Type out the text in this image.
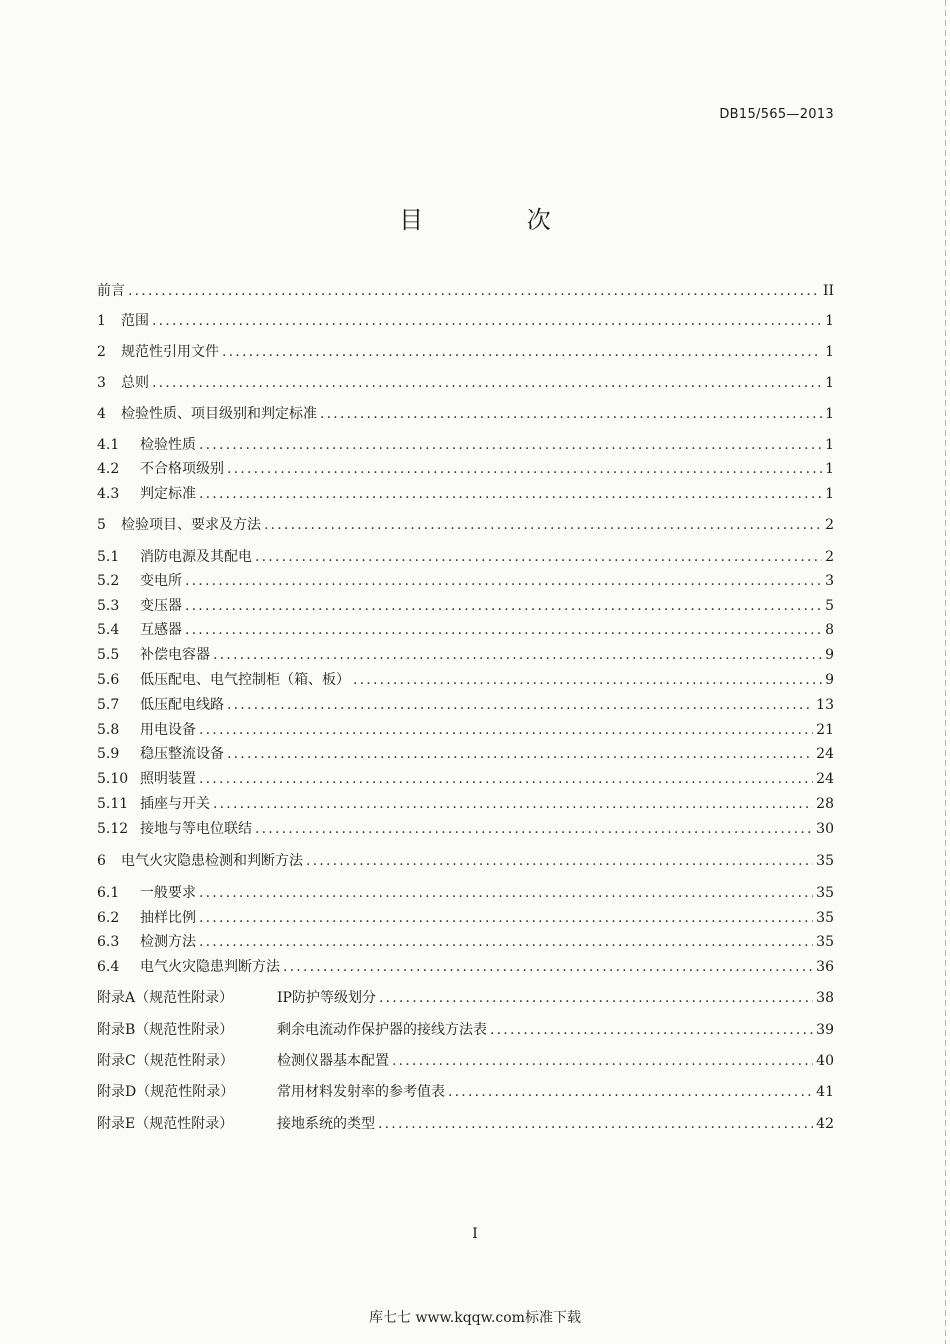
DB15/565—2013
目 次
前言 .....	II
1	范围 .....	1
2	规范性引用文件 .....	1
3	总则 .....	1
4	检验性质、项目级别和判定标准 .....	1
4.1	检验性质 .....	1
4.2	不合格项级别 .....	1
4.3	判定标准 .....	1
5	检验项目、要求及方法 .....	2
5.1	消防电源及其配电 .....	2
5.2	变电所 .....	3
5.3	变压器 .....	5
5.4	互感器 .....	8
5.5	补偿电容器 .....	9
5.6	低压配电、电气控制柜（箱、板） .....	9
5.7	低压配电线路 .....	13
5.8	用电设备 .....	21
5.9	稳压整流设备 .....	24
5.10 照明装置 .....	24
5.11 插座与开关 .....	28
5.12 接地与等电位联结 .....	30
6	电气火灾隐患检测和判断方法 .....	35
6.1	一般要求 .....	35
6.2	抽样比例 .....	35
6.3	检测方法 .....	35
6.4	电气火灾隐患判断方法 .....	36
附录A（规范性附录）	IP防护等级划分 .....	38
附录B（规范性附录）	剩余电流动作保护器的接线方法表 .....	39
附录C（规范性附录）	检测仪器基本配置 .....	40
附录D（规范性附录）	常用材料发射率的参考值表 .....	41
附录E（规范性附录）	接地系统的类型 .....	42
I
库七七 www.kqqw.com标准下载
